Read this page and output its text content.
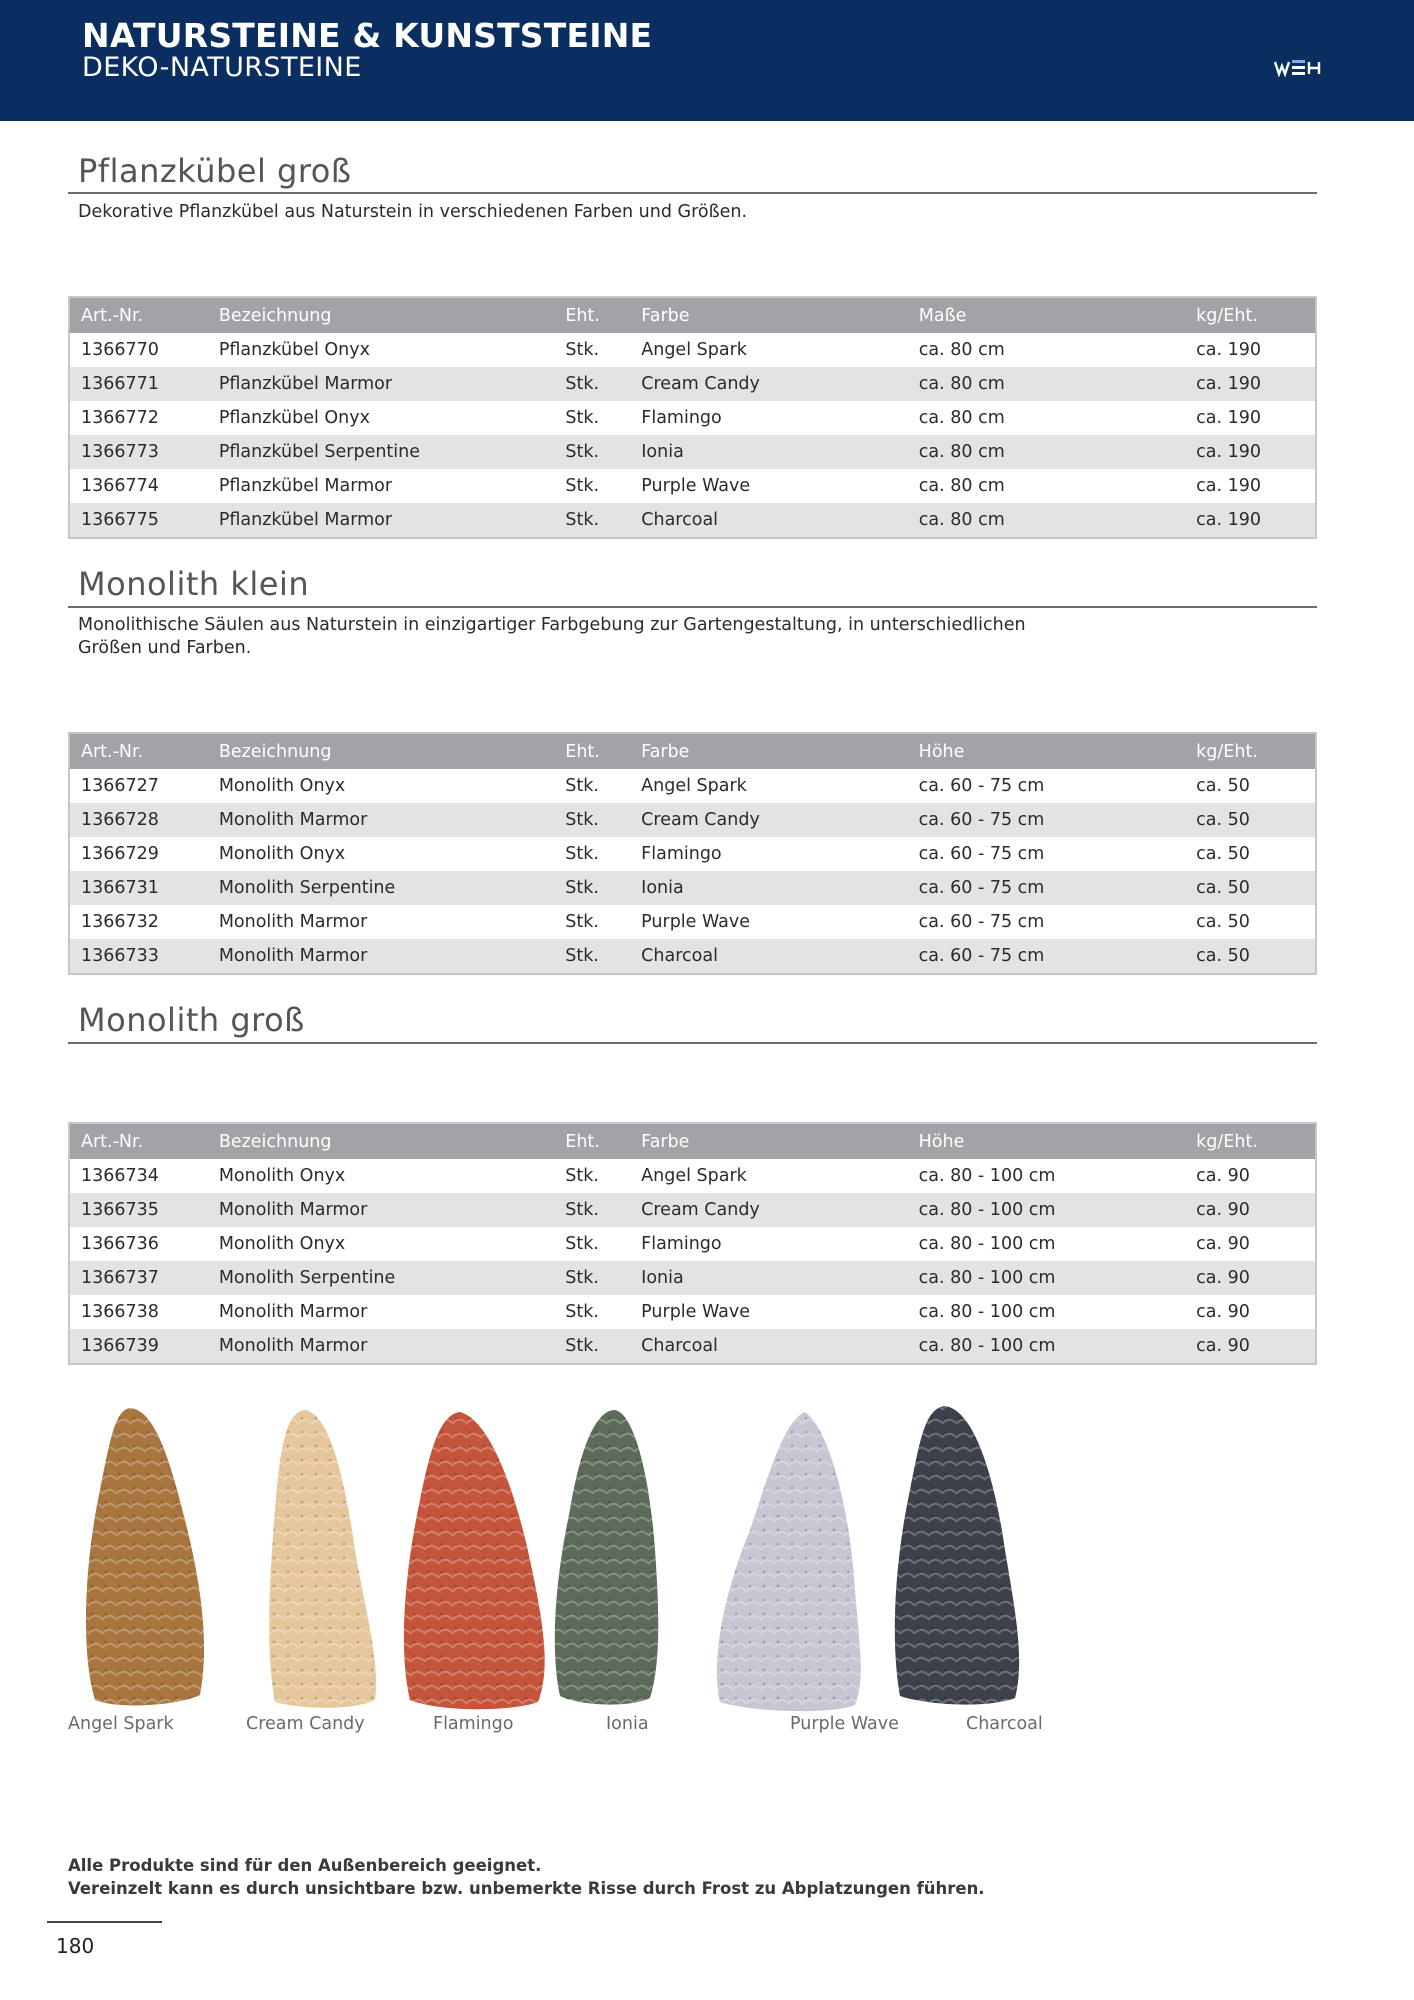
NATURSTEINE & KUNSTSTEINE
DEKO-NATURSTEINE
Pflanzkübel groß
Dekorative Pflanzkübel aus Naturstein in verschiedenen Farben und Größen.
Art.-Nr.	Bezeichnung	Eht.	Farbe	Maße	kg/Eht.
1366770	Pflanzkübel Onyx	Stk.	Angel Spark	ca. 80 cm	ca. 190
1366771	Pflanzkübel Marmor	Stk.	Cream Candy	ca. 80 cm	ca. 190
1366772	Pflanzkübel Onyx	Stk.	Flamingo	ca. 80 cm	ca. 190
1366773	Pflanzkübel Serpentine	Stk.	Ionia	ca. 80 cm	ca. 190
1366774	Pflanzkübel Marmor	Stk.	Purple Wave	ca. 80 cm	ca. 190
1366775	Pflanzkübel Marmor	Stk.	Charcoal	ca. 80 cm	ca. 190
Monolith klein
Monolithische Säulen aus Naturstein in einzigartiger Farbgebung zur Gartengestaltung, in unterschiedlichen Größen und Farben.
Art.-Nr.	Bezeichnung	Eht.	Farbe	Höhe	kg/Eht.
1366727	Monolith Onyx	Stk.	Angel Spark	ca. 60 - 75 cm	ca. 50
1366728	Monolith Marmor	Stk.	Cream Candy	ca. 60 - 75 cm	ca. 50
1366729	Monolith Onyx	Stk.	Flamingo	ca. 60 - 75 cm	ca. 50
1366731	Monolith Serpentine	Stk.	Ionia	ca. 60 - 75 cm	ca. 50
1366732	Monolith Marmor	Stk.	Purple Wave	ca. 60 - 75 cm	ca. 50
1366733	Monolith Marmor	Stk.	Charcoal	ca. 60 - 75 cm	ca. 50
Monolith groß
Art.-Nr.	Bezeichnung	Eht.	Farbe	Höhe	kg/Eht.
1366734	Monolith Onyx	Stk.	Angel Spark	ca. 80 - 100 cm	ca. 90
1366735	Monolith Marmor	Stk.	Cream Candy	ca. 80 - 100 cm	ca. 90
1366736	Monolith Onyx	Stk.	Flamingo	ca. 80 - 100 cm	ca. 90
1366737	Monolith Serpentine	Stk.	Ionia	ca. 80 - 100 cm	ca. 90
1366738	Monolith Marmor	Stk.	Purple Wave	ca. 80 - 100 cm	ca. 90
1366739	Monolith Marmor	Stk.	Charcoal	ca. 80 - 100 cm	ca. 90
Angel Spark	Cream Candy	Flamingo	Ionia	Purple Wave	Charcoal
Alle Produkte sind für den Außenbereich geeignet.
Vereinzelt kann es durch unsichtbare bzw. unbemerkte Risse durch Frost zu Abplatzungen führen.
180
